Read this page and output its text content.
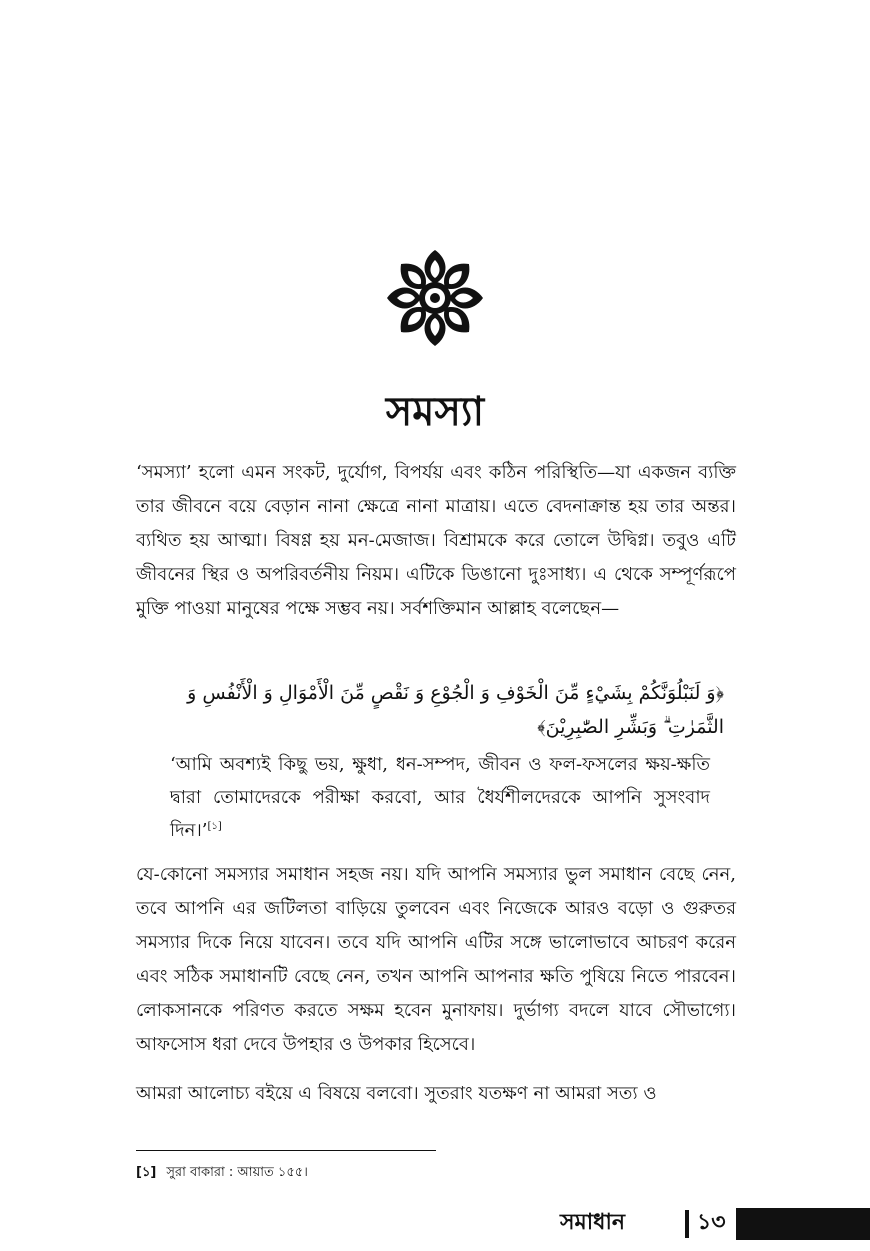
সমস্যা

‘সমস্যা’ হলো এমন সংকট, দুর্যোগ, বিপর্যয় এবং কঠিন পরিস্থিতি—যা একজন ব্যক্তি তার জীবনে বয়ে বেড়ান নানা ক্ষেত্রে নানা মাত্রায়। এতে বেদনাক্রান্ত হয় তার অন্তর। ব্যথিত হয় আত্মা। বিষণ্ণ হয় মন-মেজাজ। বিশ্রামকে করে তোলে উদ্বিগ্ন। তবুও এটি জীবনের স্থির ও অপরিবর্তনীয় নিয়ম। এটিকে ডিঙানো দুঃসাধ্য। এ থেকে সম্পূর্ণরূপে মুক্তি পাওয়া মানুষের পক্ষে সম্ভব নয়। সর্বশক্তিমান আল্লাহ বলেছেন—

﴿وَ لَنَبْلُوَنَّكُمْ بِشَيْءٍ مِّنَ الْخَوْفِ وَ الْجُوْعِ وَ نَقْصٍ مِّنَ الْأَمْوَالِ وَ الْأَنْفُسِ وَ الثَّمَرٰتِ ۗ وَبَشِّرِ الصّٰبِرِيْنَ﴾

‘আমি অবশ্যই কিছু ভয়, ক্ষুধা, ধন-সম্পদ, জীবন ও ফল-ফসলের ক্ষয়-ক্ষতি দ্বারা তোমাদেরকে পরীক্ষা করবো, আর ধৈর্যশীলদেরকে আপনি সুসংবাদ দিন।’[১]

যে-কোনো সমস্যার সমাধান সহজ নয়। যদি আপনি সমস্যার ভুল সমাধান বেছে নেন, তবে আপনি এর জটিলতা বাড়িয়ে তুলবেন এবং নিজেকে আরও বড়ো ও গুরুতর সমস্যার দিকে নিয়ে যাবেন। তবে যদি আপনি এটির সঙ্গে ভালোভাবে আচরণ করেন এবং সঠিক সমাধানটি বেছে নেন, তখন আপনি আপনার ক্ষতি পুষিয়ে নিতে পারবেন। লোকসানকে পরিণত করতে সক্ষম হবেন মুনাফায়। দুর্ভাগ্য বদলে যাবে সৌভাগ্যে। আফসোস ধরা দেবে উপহার ও উপকার হিসেবে।

আমরা আলোচ্য বইয়ে এ বিষয়ে বলবো। সুতরাং যতক্ষণ না আমরা সত্য ও

[১] সুরা বাকারা : আয়াত ১৫৫।

সমাধান	১৩
